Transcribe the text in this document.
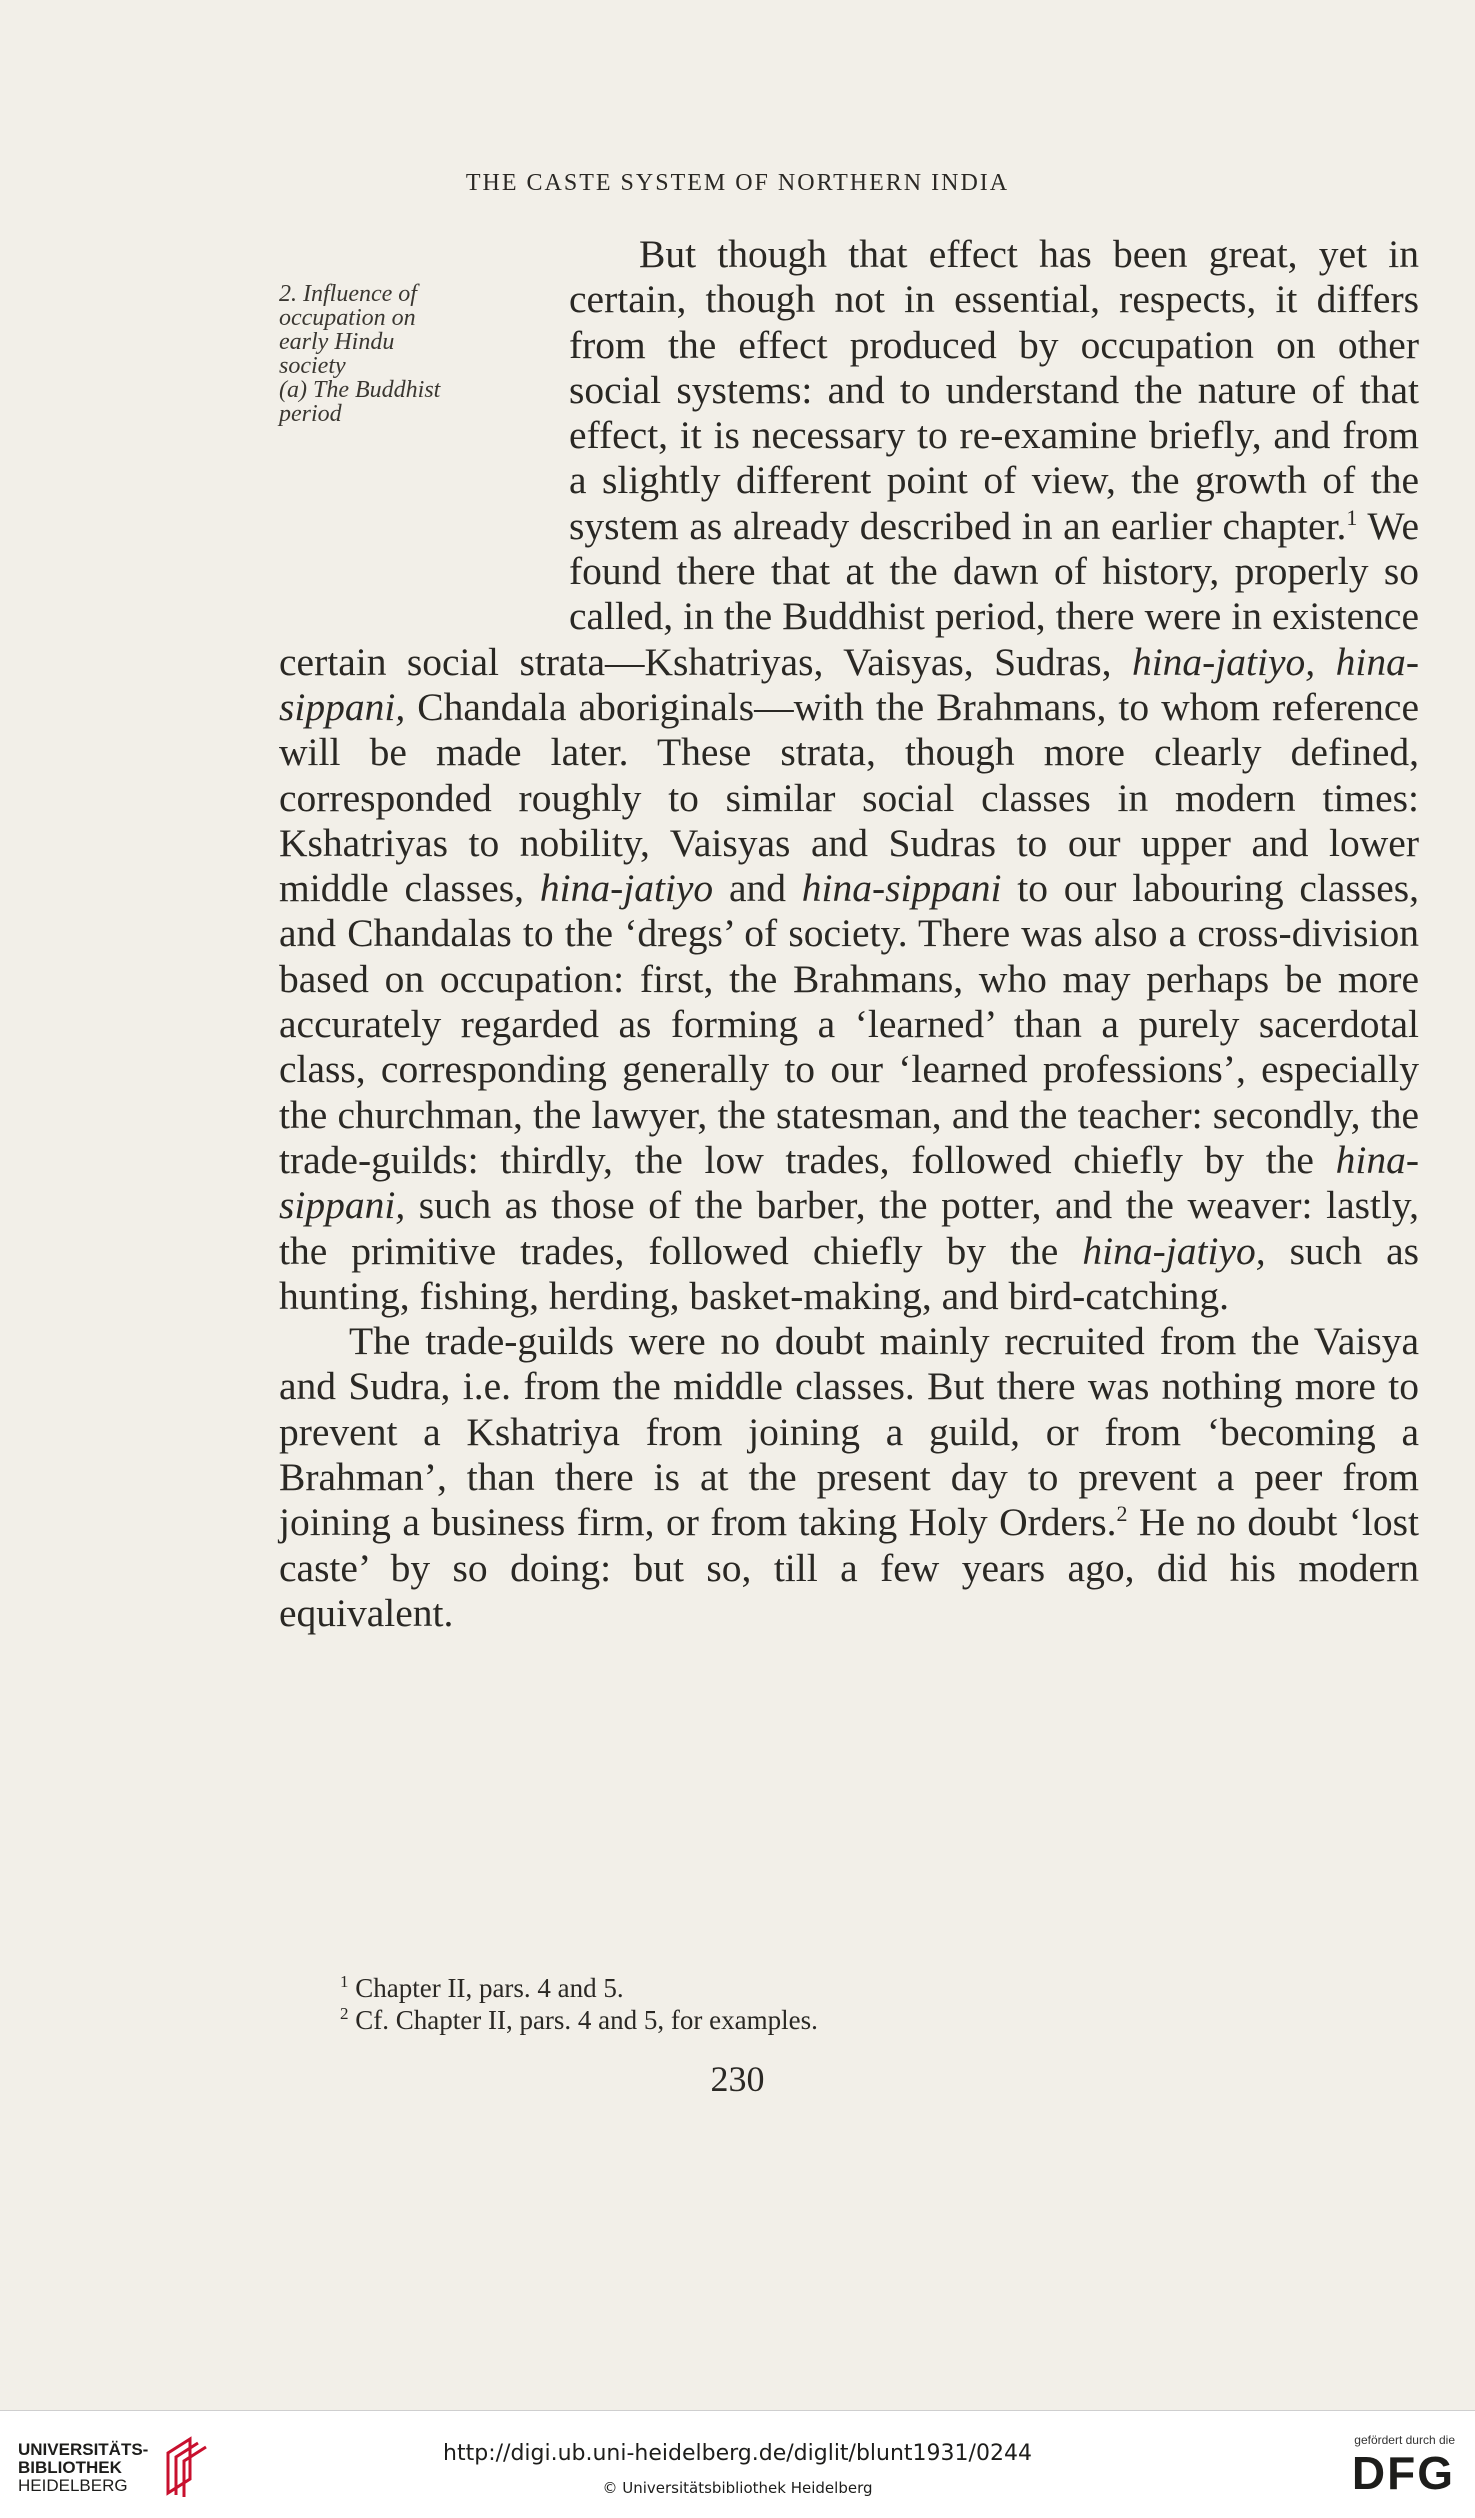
THE CASTE SYSTEM OF NORTHERN INDIA
2. Influence of
occupation on
early Hindu
society
(a) The Buddhist
period

But though that effect has been great, yet in certain, though not in essential, respects, it differs from the effect produced by occupation on other social systems: and to understand the nature of that effect, it is necessary to re-examine briefly, and from a slightly different point of view, the growth of the system as already described in an earlier chapter.$^1$ We found there that at the dawn of history, properly so called, in the Buddhist period, there were in existence certain social strata—Kshatriyas, Vaisyas, Sudras, hina-jatiyo, hina-sippani, Chandala aboriginals—with the Brahmans, to whom reference will be made later. These strata, though more clearly defined, corresponded roughly to similar social classes in modern times: Kshatriyas to nobility, Vaisyas and Sudras to our upper and lower middle classes, hina-jatiyo and hina-sippani to our labouring classes, and Chandalas to the ‘dregs’ of society. There was also a cross-division based on occupation: first, the Brahmans, who may perhaps be more accurately regarded as forming a ‘learned’ than a purely sacerdotal class, corresponding generally to our ‘learned professions’, especially the churchman, the lawyer, the statesman, and the teacher: secondly, the trade-guilds: thirdly, the low trades, followed chiefly by the hina-sippani, such as those of the barber, the potter, and the weaver: lastly, the primitive trades, followed chiefly by the hina-jatiyo, such as hunting, fishing, herding, basket-making, and bird-catching.

The trade-guilds were no doubt mainly recruited from the Vaisya and Sudra, i.e. from the middle classes. But there was nothing more to prevent a Kshatriya from joining a guild, or from ‘becoming a Brahman’, than there is at the present day to prevent a peer from joining a business firm, or from taking Holy Orders.$^2$ He no doubt ‘lost caste’ by so doing: but so, till a few years ago, did his modern equivalent.

$^1$ Chapter II, pars. 4 and 5.
$^2$ Cf. Chapter II, pars. 4 and 5, for examples.
230
UNIVERSITÄTS-
BIBLIOTHEK
HEIDELBERG
http://digi.ub.uni-heidelberg.de/diglit/blunt1931/0244
© Universitätsbibliothek Heidelberg
gefördert durch die
DFG
